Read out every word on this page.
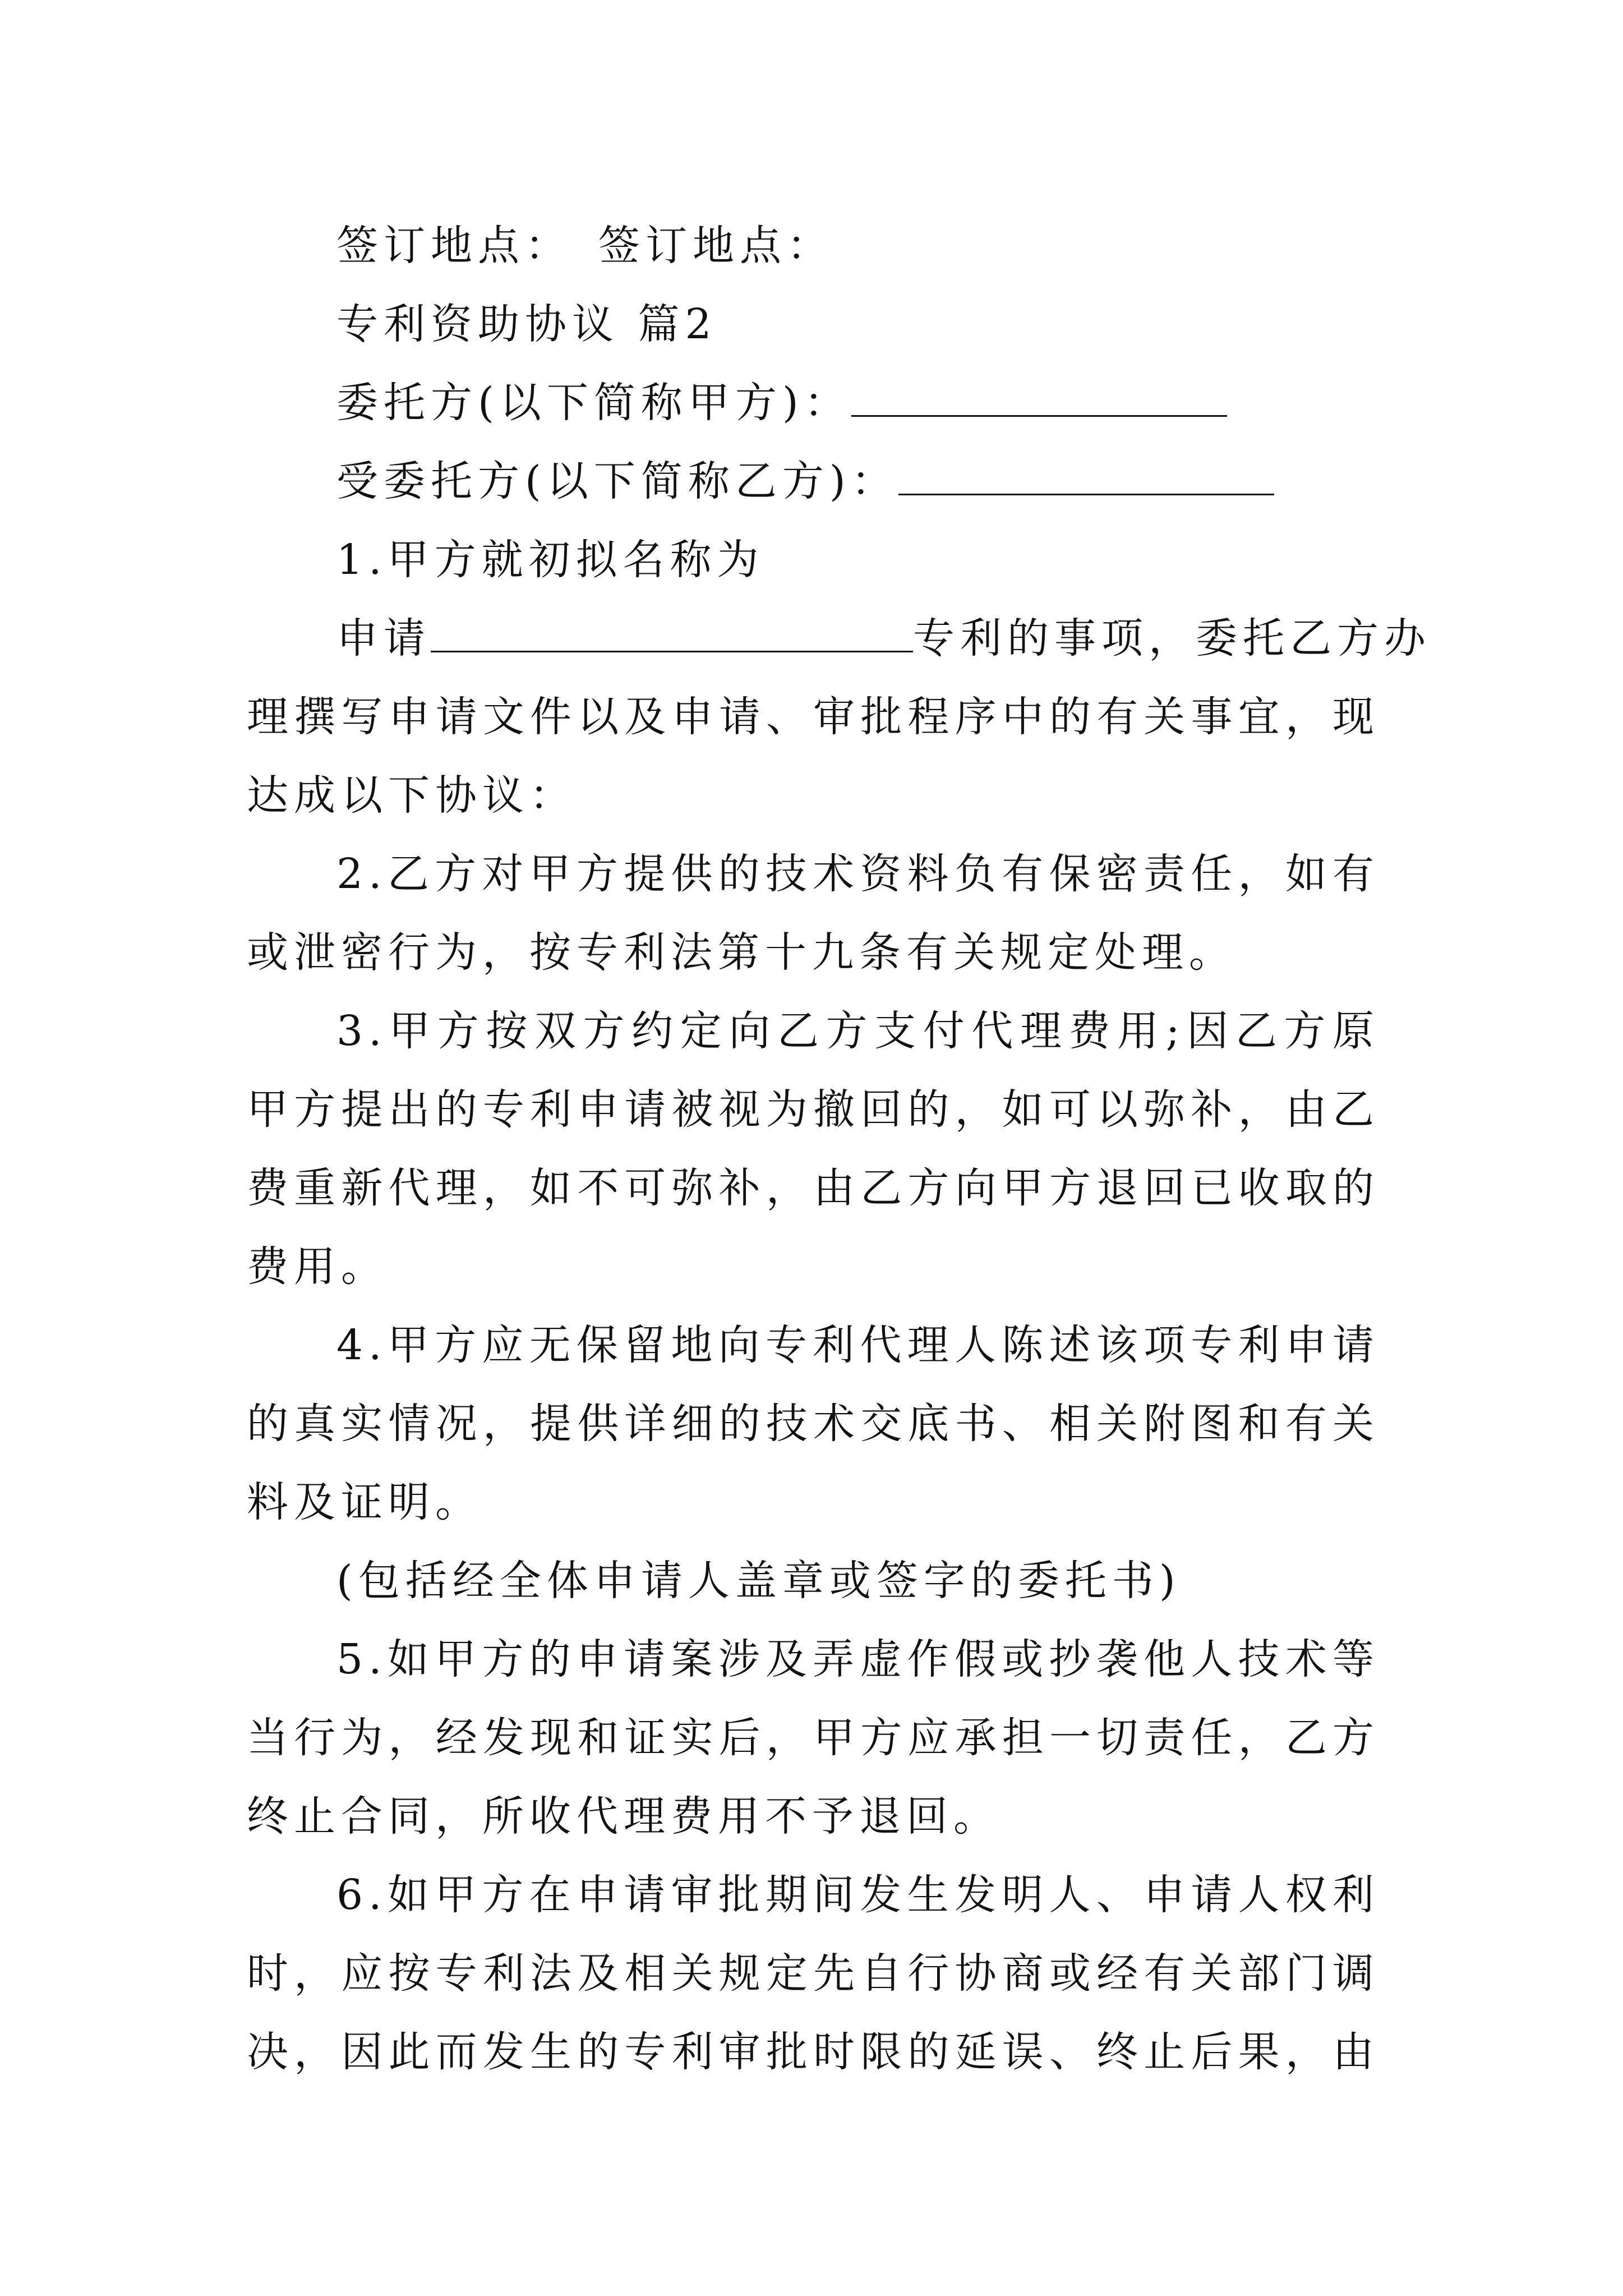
签订地点：　签订地点：
专利资助协议 篇2
委托方(以下简称甲方)：
受委托方(以下简称乙方)：
1.甲方就初拟名称为
申请	专利的事项，委托乙方办
理撰写申请文件以及申请、审批程序中的有关事宜，现
达成以下协议：
2.乙方对甲方提供的技术资料负有保密责任，如有
或泄密行为，按专利法第十九条有关规定处理。
3.甲方按双方约定向乙方支付代理费用;因乙方原
甲方提出的专利申请被视为撤回的，如可以弥补，由乙
费重新代理，如不可弥补，由乙方向甲方退回已收取的
费用。
4.甲方应无保留地向专利代理人陈述该项专利申请
的真实情况，提供详细的技术交底书、相关附图和有关
料及证明。
(包括经全体申请人盖章或签字的委托书)
5.如甲方的申请案涉及弄虚作假或抄袭他人技术等
当行为，经发现和证实后，甲方应承担一切责任，乙方
终止合同，所收代理费用不予退回。
6.如甲方在申请审批期间发生发明人、申请人权利
时，应按专利法及相关规定先自行协商或经有关部门调
决，因此而发生的专利审批时限的延误、终止后果，由
